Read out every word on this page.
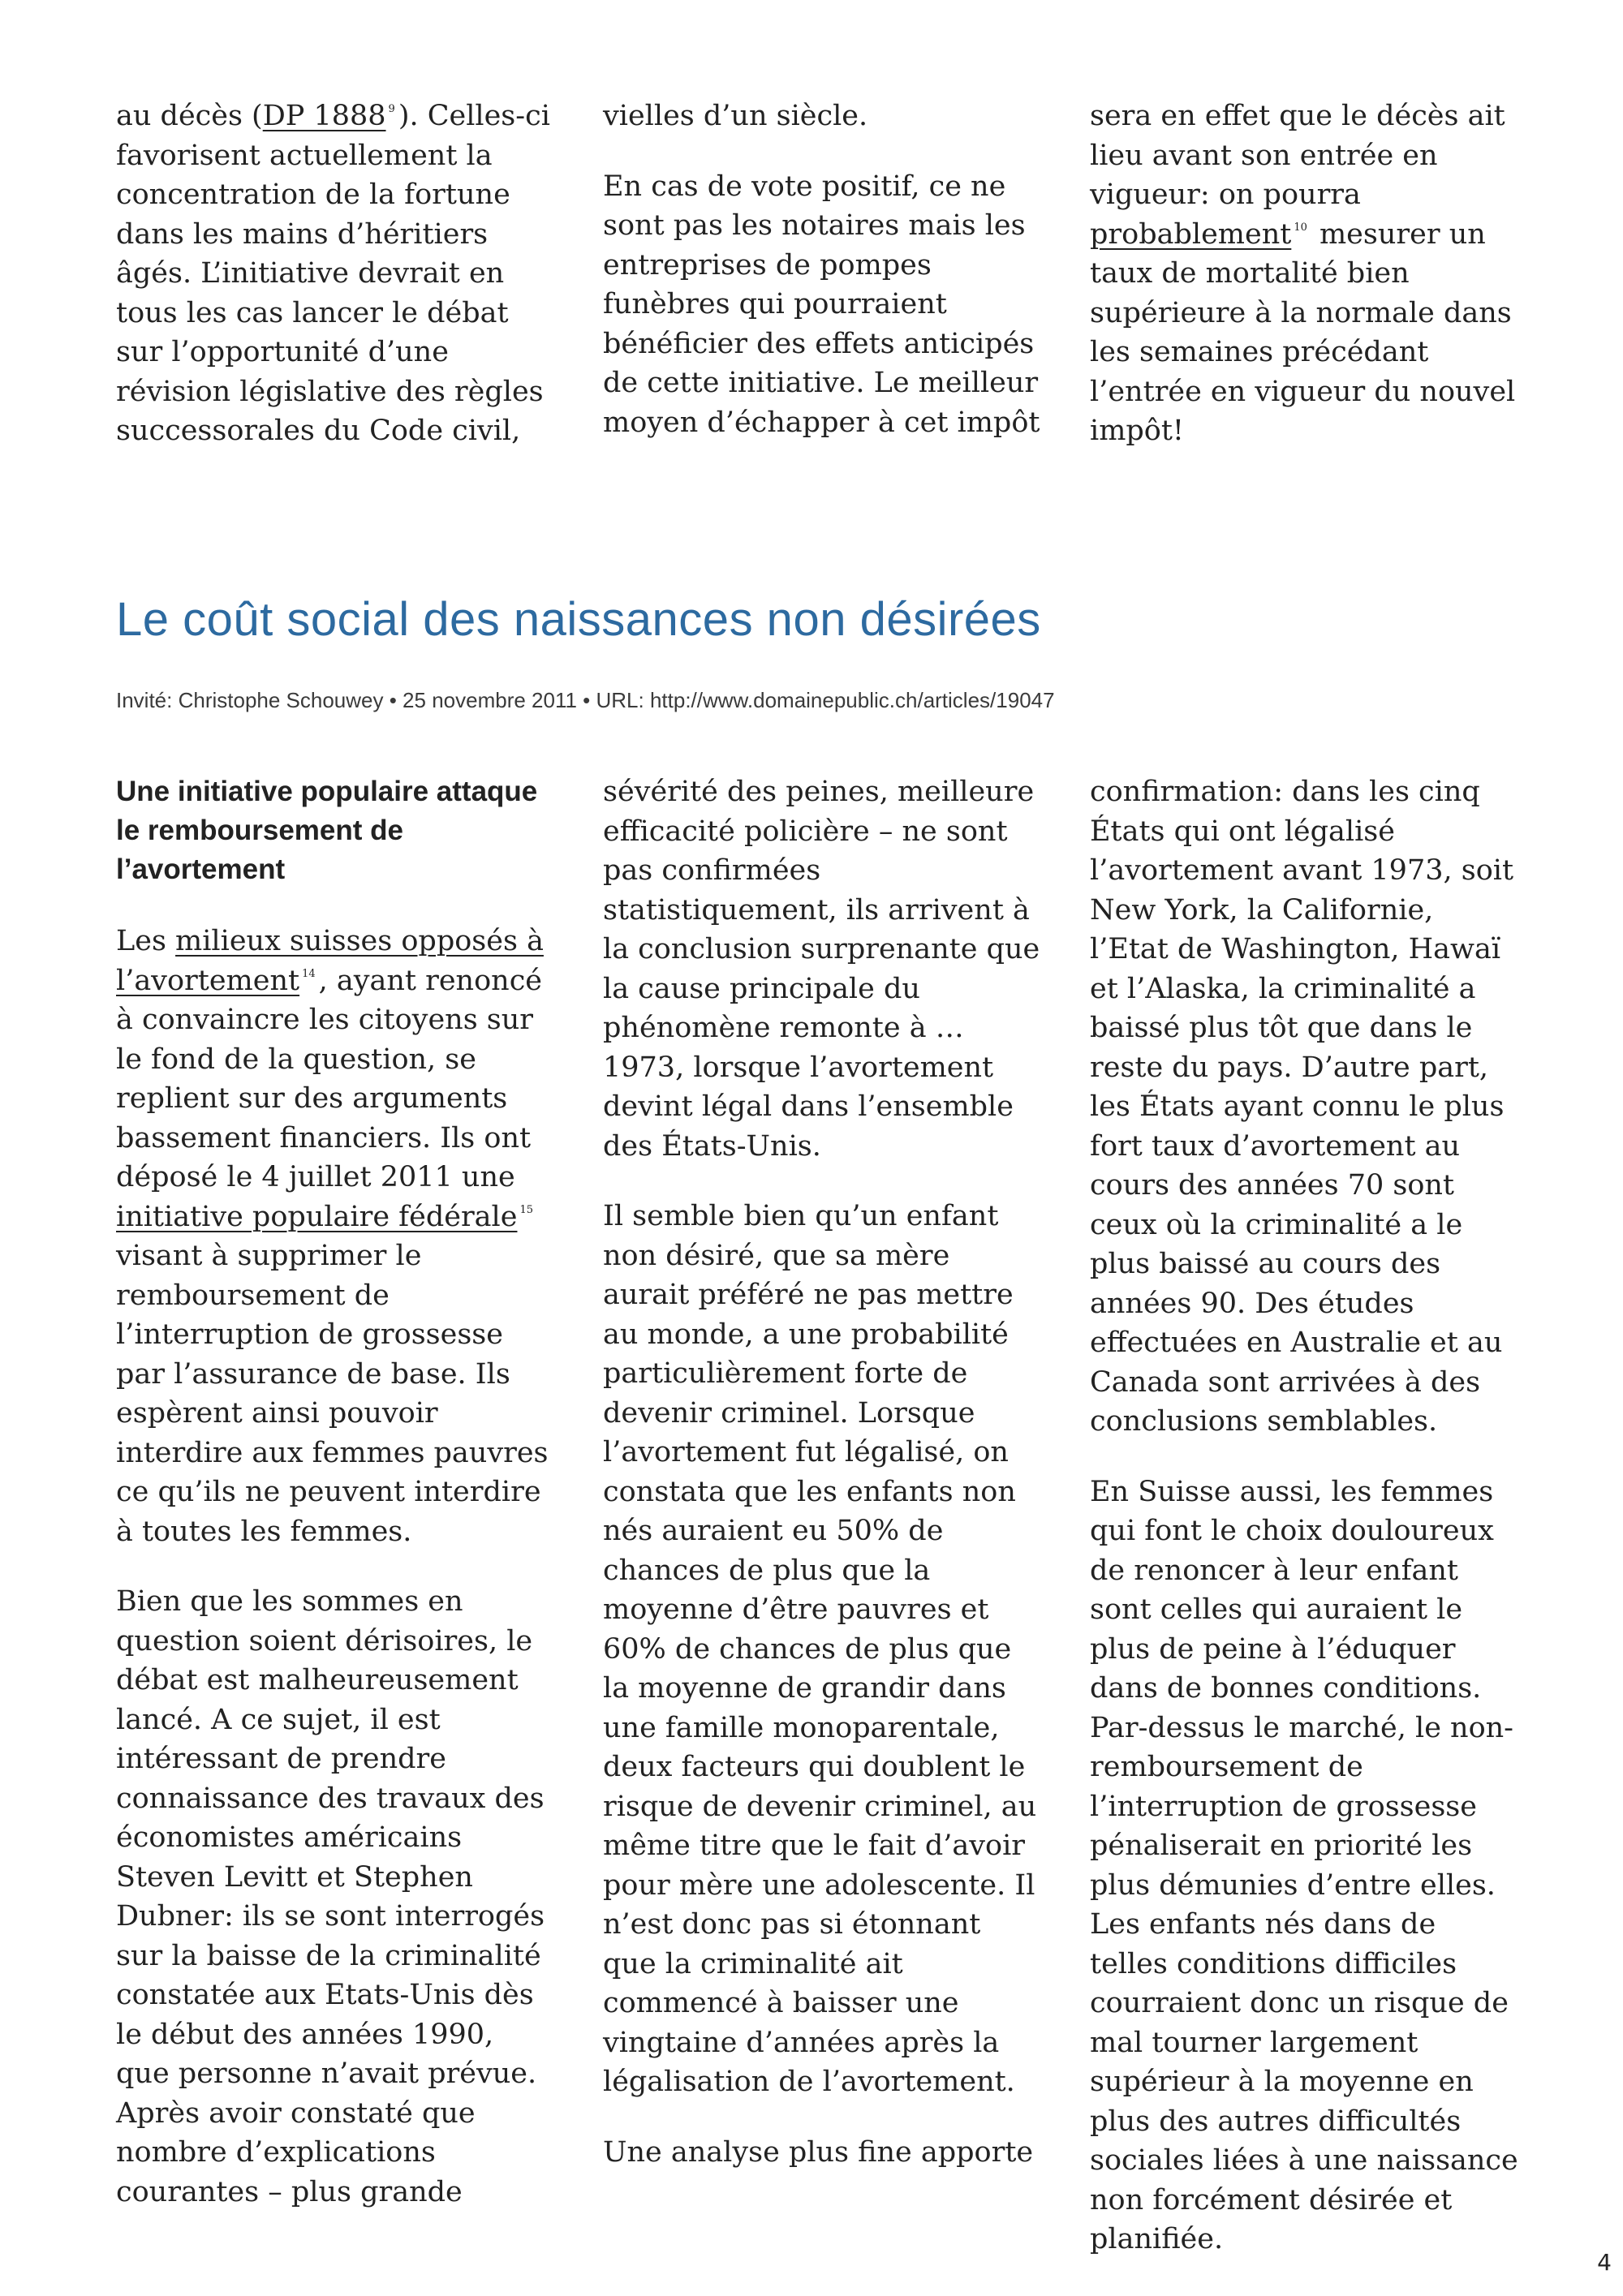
au décès (DP 1888 $^9$ ). Celles-ci favorisent actuellement la concentration de la fortune dans les mains d’héritiers âgés. L’initiative devrait en tous les cas lancer le débat sur l’opportunité d’une révision législative des règles successorales du Code civil,

vielles d’un siècle.

En cas de vote positif, ce ne sont pas les notaires mais les entreprises de pompes funèbres qui pourraient bénéficier des effets anticipés de cette initiative. Le meilleur moyen d’échapper à cet impôt

sera en effet que le décès ait lieu avant son entrée en vigueur: on pourra probablement $^{10}$ mesurer un taux de mortalité bien supérieure à la normale dans les semaines précédant l’entrée en vigueur du nouvel impôt!

Le coût social des naissances non désirées

Invité: Christophe Schouwey • 25 novembre 2011 • URL: http://www.domainepublic.ch/articles/19047

Une initiative populaire attaque le remboursement de l’avortement

Les milieux suisses opposés à l’avortement $^{14}$ , ayant renoncé à convaincre les citoyens sur le fond de la question, se replient sur des arguments bassement financiers. Ils ont déposé le 4 juillet 2011 une initiative populaire fédérale $^{15}$ visant à supprimer le remboursement de l’interruption de grossesse par l’assurance de base. Ils espèrent ainsi pouvoir interdire aux femmes pauvres ce qu’ils ne peuvent interdire à toutes les femmes.

Bien que les sommes en question soient dérisoires, le débat est malheureusement lancé. A ce sujet, il est intéressant de prendre connaissance des travaux des économistes américains Steven Levitt et Stephen Dubner: ils se sont interrogés sur la baisse de la criminalité constatée aux Etats-Unis dès le début des années 1990, que personne n’avait prévue. Après avoir constaté que nombre d’explications courantes – plus grande

sévérité des peines, meilleure efficacité policière – ne sont pas confirmées statistiquement, ils arrivent à la conclusion surprenante que la cause principale du phénomène remonte à … 1973, lorsque l’avortement devint légal dans l’ensemble des États-Unis.

Il semble bien qu’un enfant non désiré, que sa mère aurait préféré ne pas mettre au monde, a une probabilité particulièrement forte de devenir criminel. Lorsque l’avortement fut légalisé, on constata que les enfants non nés auraient eu 50% de chances de plus que la moyenne d’être pauvres et 60% de chances de plus que la moyenne de grandir dans une famille monoparentale, deux facteurs qui doublent le risque de devenir criminel, au même titre que le fait d’avoir pour mère une adolescente. Il n’est donc pas si étonnant que la criminalité ait commencé à baisser une vingtaine d’années après la légalisation de l’avortement.

Une analyse plus fine apporte

confirmation: dans les cinq États qui ont légalisé l’avortement avant 1973, soit New York, la Californie, l’Etat de Washington, Hawaï et l’Alaska, la criminalité a baissé plus tôt que dans le reste du pays. D’autre part, les États ayant connu le plus fort taux d’avortement au cours des années 70 sont ceux où la criminalité a le plus baissé au cours des années 90. Des études effectuées en Australie et au Canada sont arrivées à des conclusions semblables.

En Suisse aussi, les femmes qui font le choix douloureux de renoncer à leur enfant sont celles qui auraient le plus de peine à l’éduquer dans de bonnes conditions. Par-dessus le marché, le non-remboursement de l’interruption de grossesse pénaliserait en priorité les plus démunies d’entre elles. Les enfants nés dans de telles conditions difficiles courraient donc un risque de mal tourner largement supérieur à la moyenne en plus des autres difficultés sociales liées à une naissance non forcément désirée et planifiée.

4
